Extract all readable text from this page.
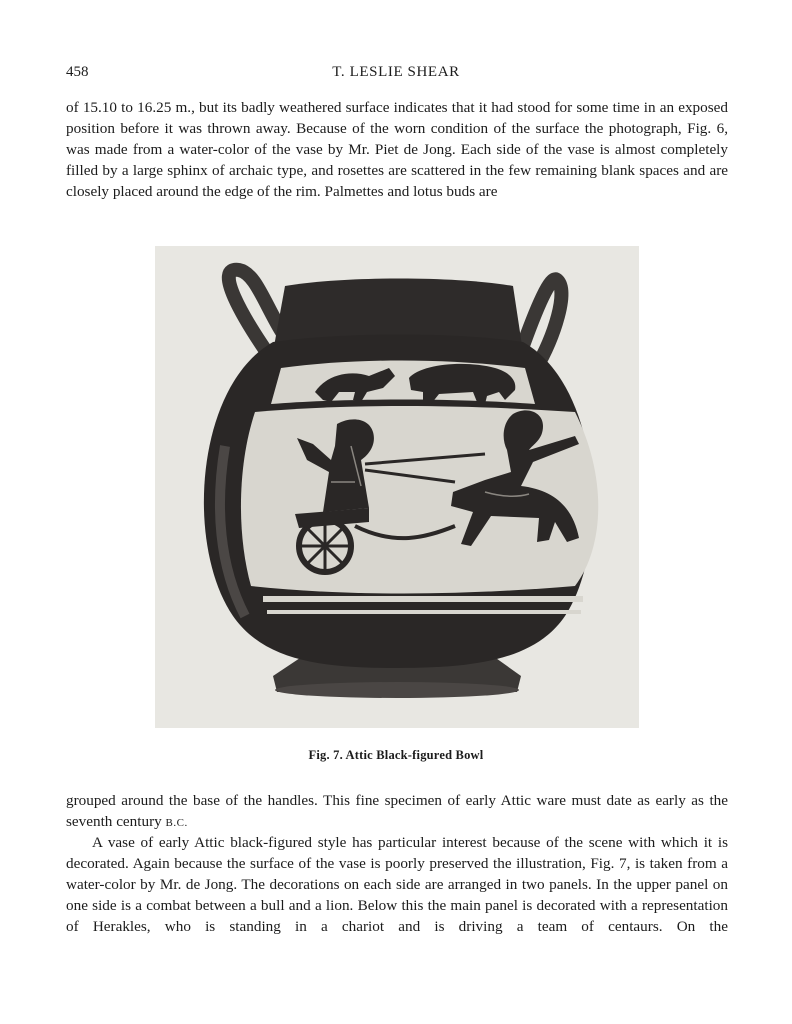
458	T. LESLIE SHEAR

of 15.10 to 16.25 m., but its badly weathered surface indicates that it had stood for some time in an exposed position before it was thrown away. Because of the worn condition of the surface the photograph, Fig. 6, was made from a water-color of the vase by Mr. Piet de Jong. Each side of the vase is almost completely filled by a large sphinx of archaic type, and rosettes are scattered in the few remaining blank spaces and are closely placed around the edge of the rim. Palmettes and lotus buds are

Fig. 7. Attic Black-figured Bowl

grouped around the base of the handles. This fine specimen of early Attic ware must date as early as the seventh century B.C.

A vase of early Attic black-figured style has particular interest because of the scene with which it is decorated. Again because the surface of the vase is poorly preserved the illustration, Fig. 7, is taken from a water-color by Mr. de Jong. The decorations on each side are arranged in two panels. In the upper panel on one side is a combat between a bull and a lion. Below this the main panel is decorated with a representation of Herakles, who is standing in a chariot and is driving a team of centaurs. On the
